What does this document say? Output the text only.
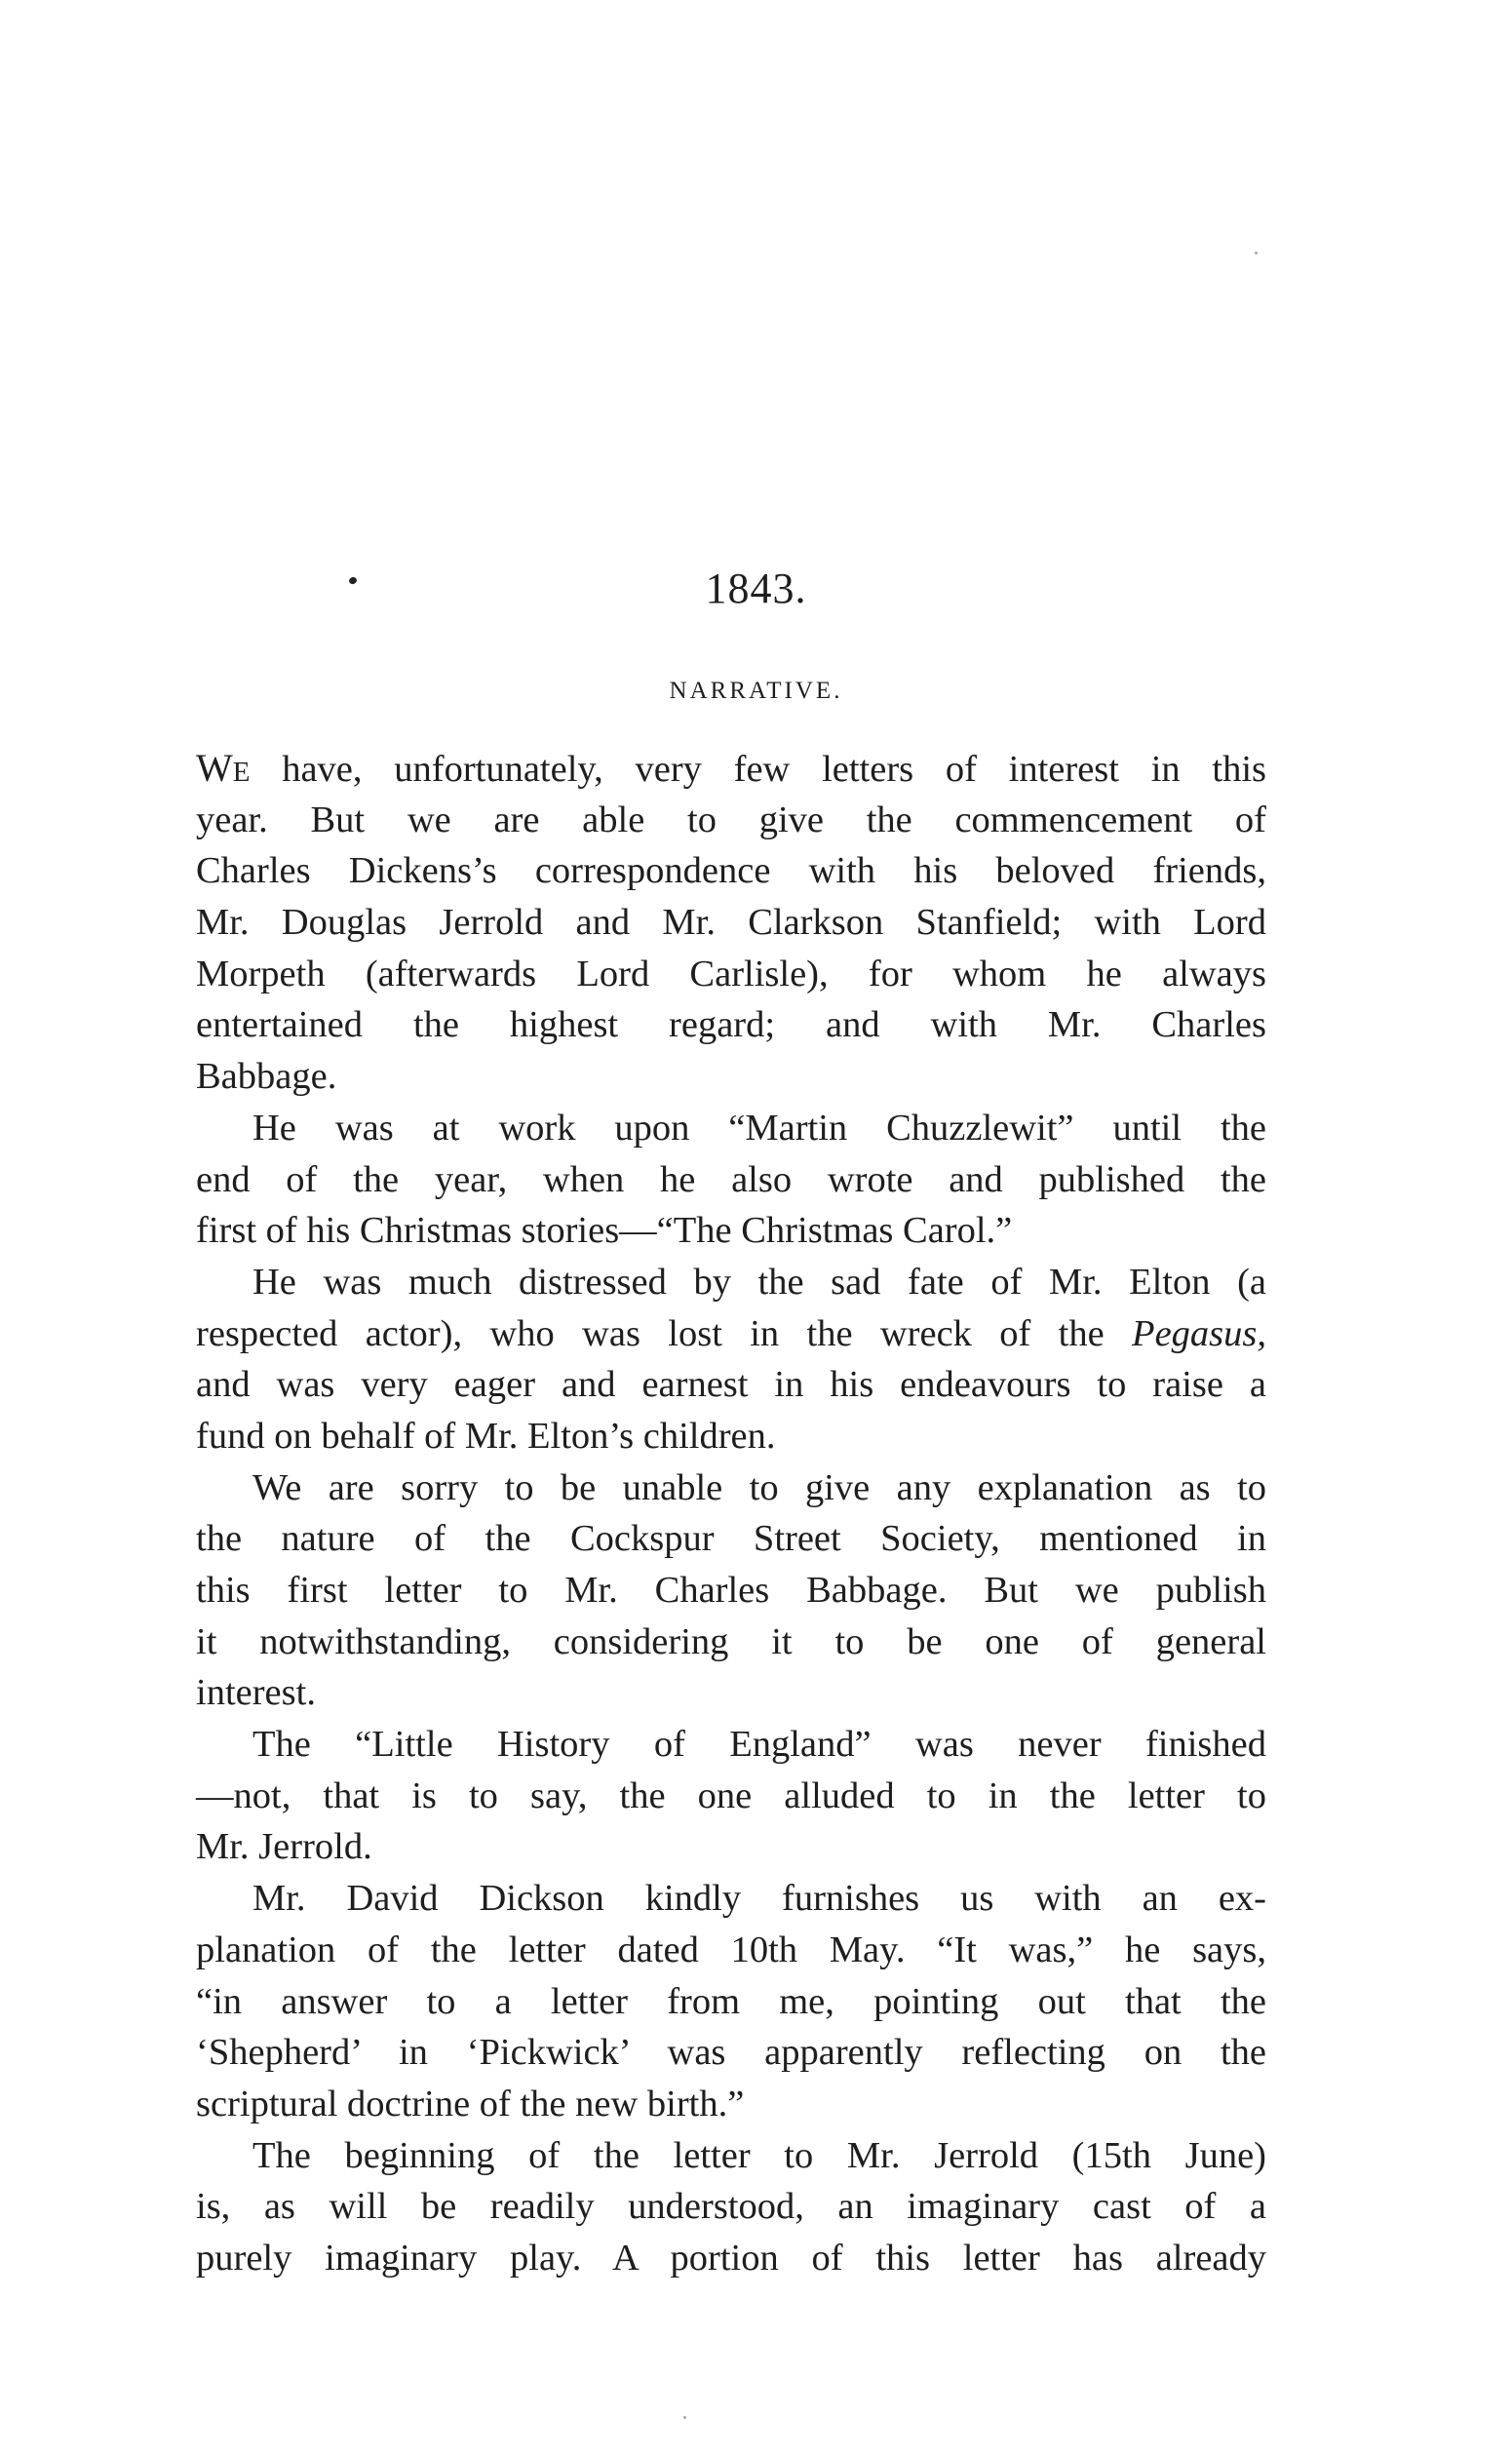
1843.
NARRATIVE.
WE have, unfortunately, very few letters of interest in this
year. But we are able to give the commencement of
Charles Dickens’s correspondence with his beloved friends,
Mr. Douglas Jerrold and Mr. Clarkson Stanfield; with Lord
Morpeth (afterwards Lord Carlisle), for whom he always
entertained the highest regard; and with Mr. Charles
Babbage.
He was at work upon “Martin Chuzzlewit” until the
end of the year, when he also wrote and published the
first of his Christmas stories—“The Christmas Carol.”
He was much distressed by the sad fate of Mr. Elton (a
respected actor), who was lost in the wreck of the Pegasus,
and was very eager and earnest in his endeavours to raise a
fund on behalf of Mr. Elton’s children.
We are sorry to be unable to give any explanation as to
the nature of the Cockspur Street Society, mentioned in
this first letter to Mr. Charles Babbage. But we publish
it notwithstanding, considering it to be one of general
interest.
The “Little History of England” was never finished
—not, that is to say, the one alluded to in the letter to
Mr. Jerrold.
Mr. David Dickson kindly furnishes us with an ex-
planation of the letter dated 10th May. “It was,” he says,
“in answer to a letter from me, pointing out that the
‘Shepherd’ in ‘Pickwick’ was apparently reflecting on the
scriptural doctrine of the new birth.”
The beginning of the letter to Mr. Jerrold (15th June)
is, as will be readily understood, an imaginary cast of a
purely imaginary play. A portion of this letter has already
